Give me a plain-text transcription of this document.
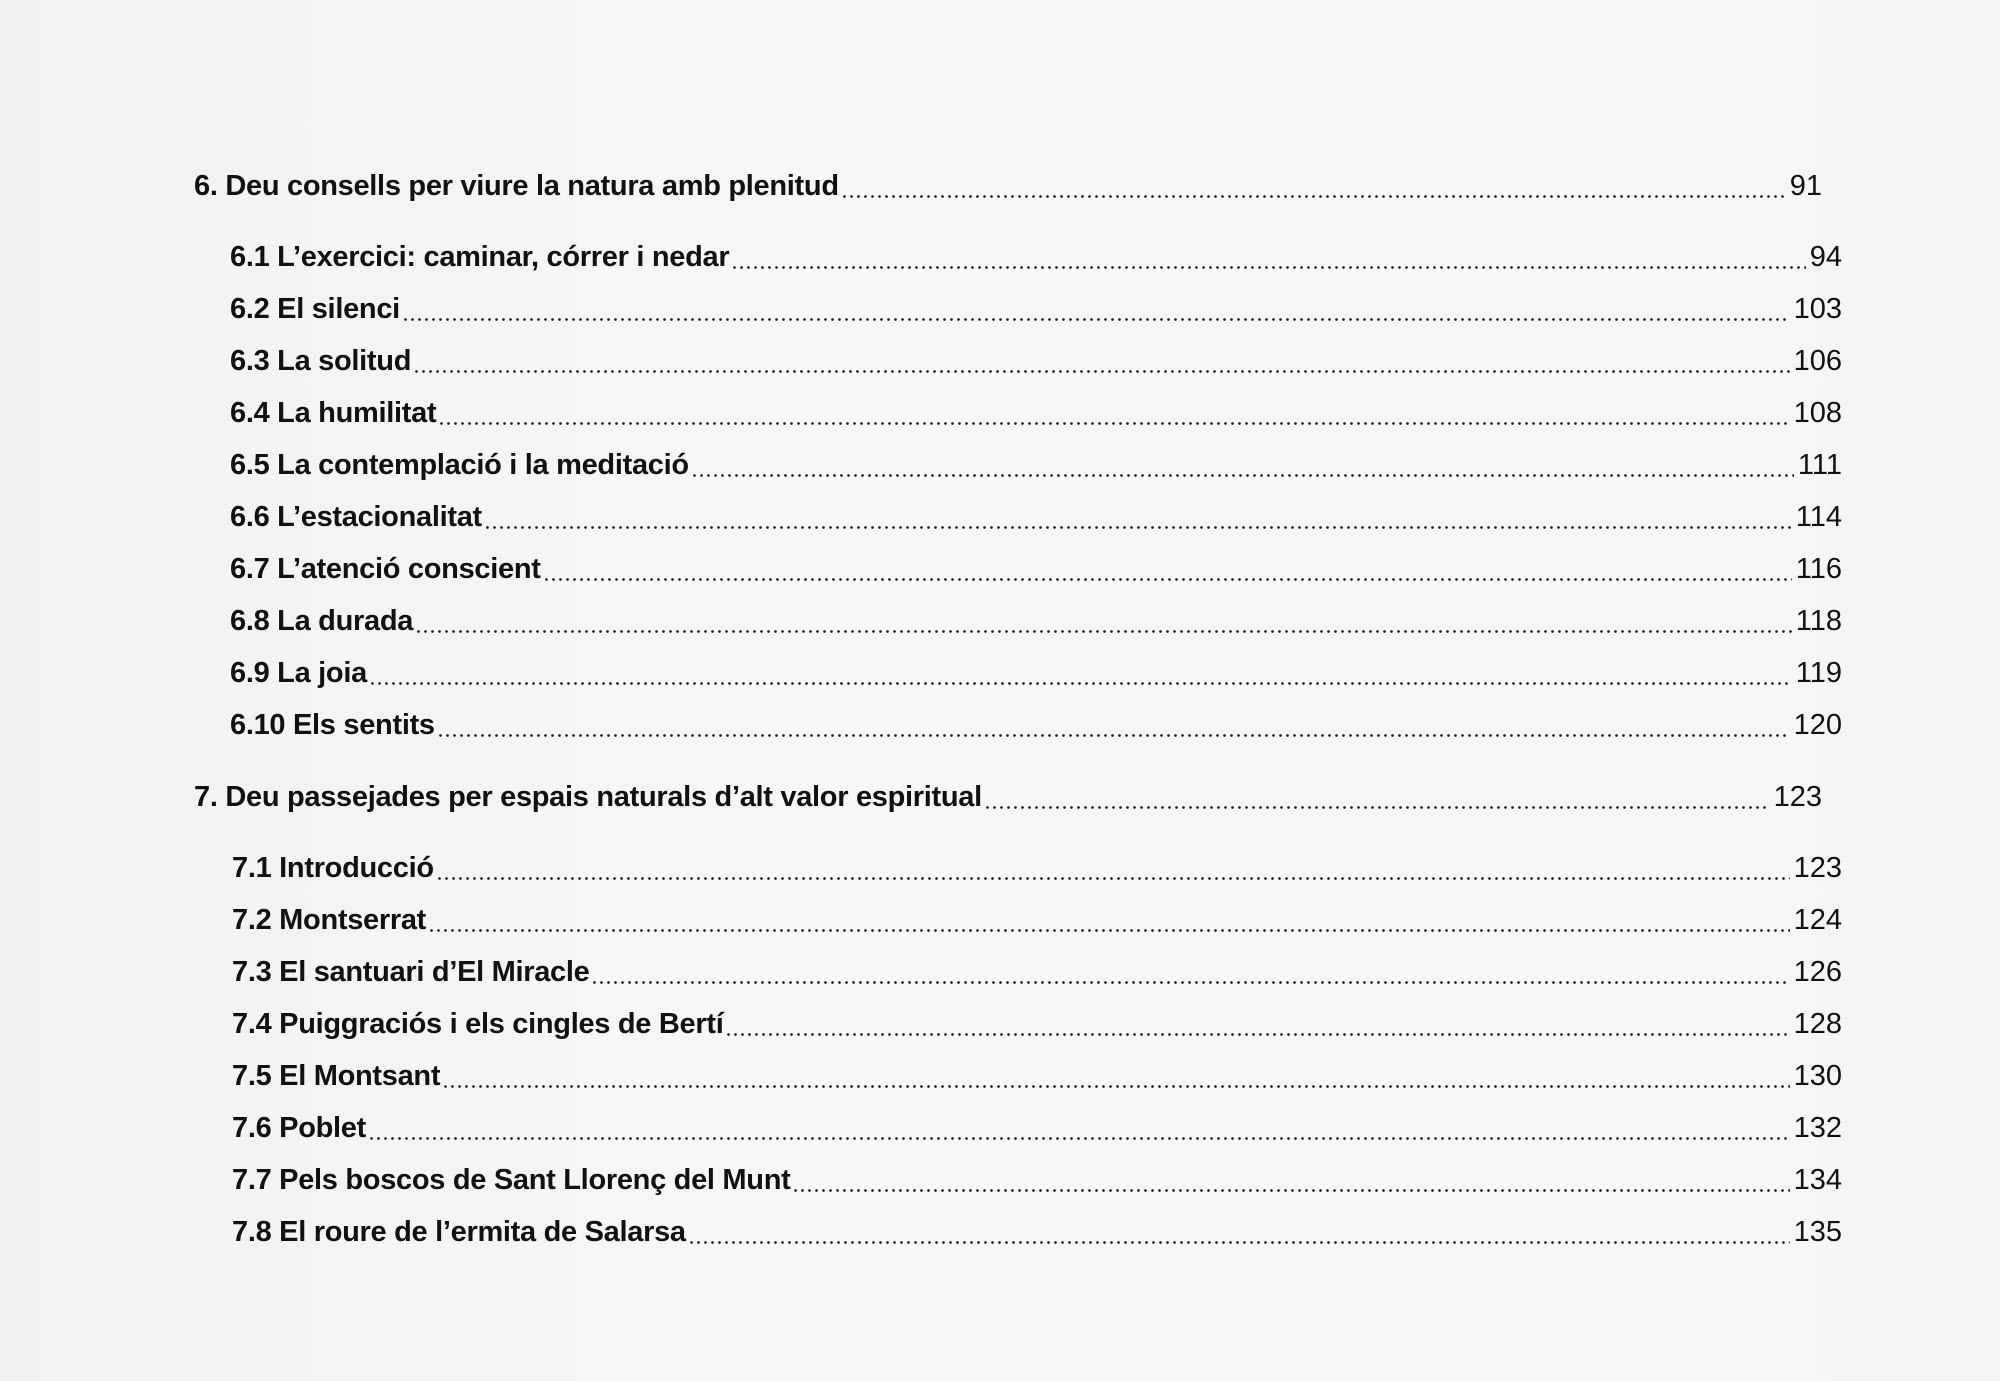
6. Deu consells per viure la natura amb plenitud	91
6.1 L’exercici: caminar, córrer i nedar	94
6.2 El silenci	103
6.3 La solitud	106
6.4 La humilitat	108
6.5 La contemplació i la meditació	111
6.6 L’estacionalitat	114
6.7 L’atenció conscient	116
6.8 La durada	118
6.9 La joia	119
6.10 Els sentits	120
7. Deu passejades per espais naturals d’alt valor espiritual	123
7.1 Introducció	123
7.2 Montserrat	124
7.3 El santuari d’El Miracle	126
7.4 Puiggraciós i els cingles de Bertí	128
7.5 El Montsant	130
7.6 Poblet	132
7.7 Pels boscos de Sant Llorenç del Munt	134
7.8 El roure de l’ermita de Salarsa	135
